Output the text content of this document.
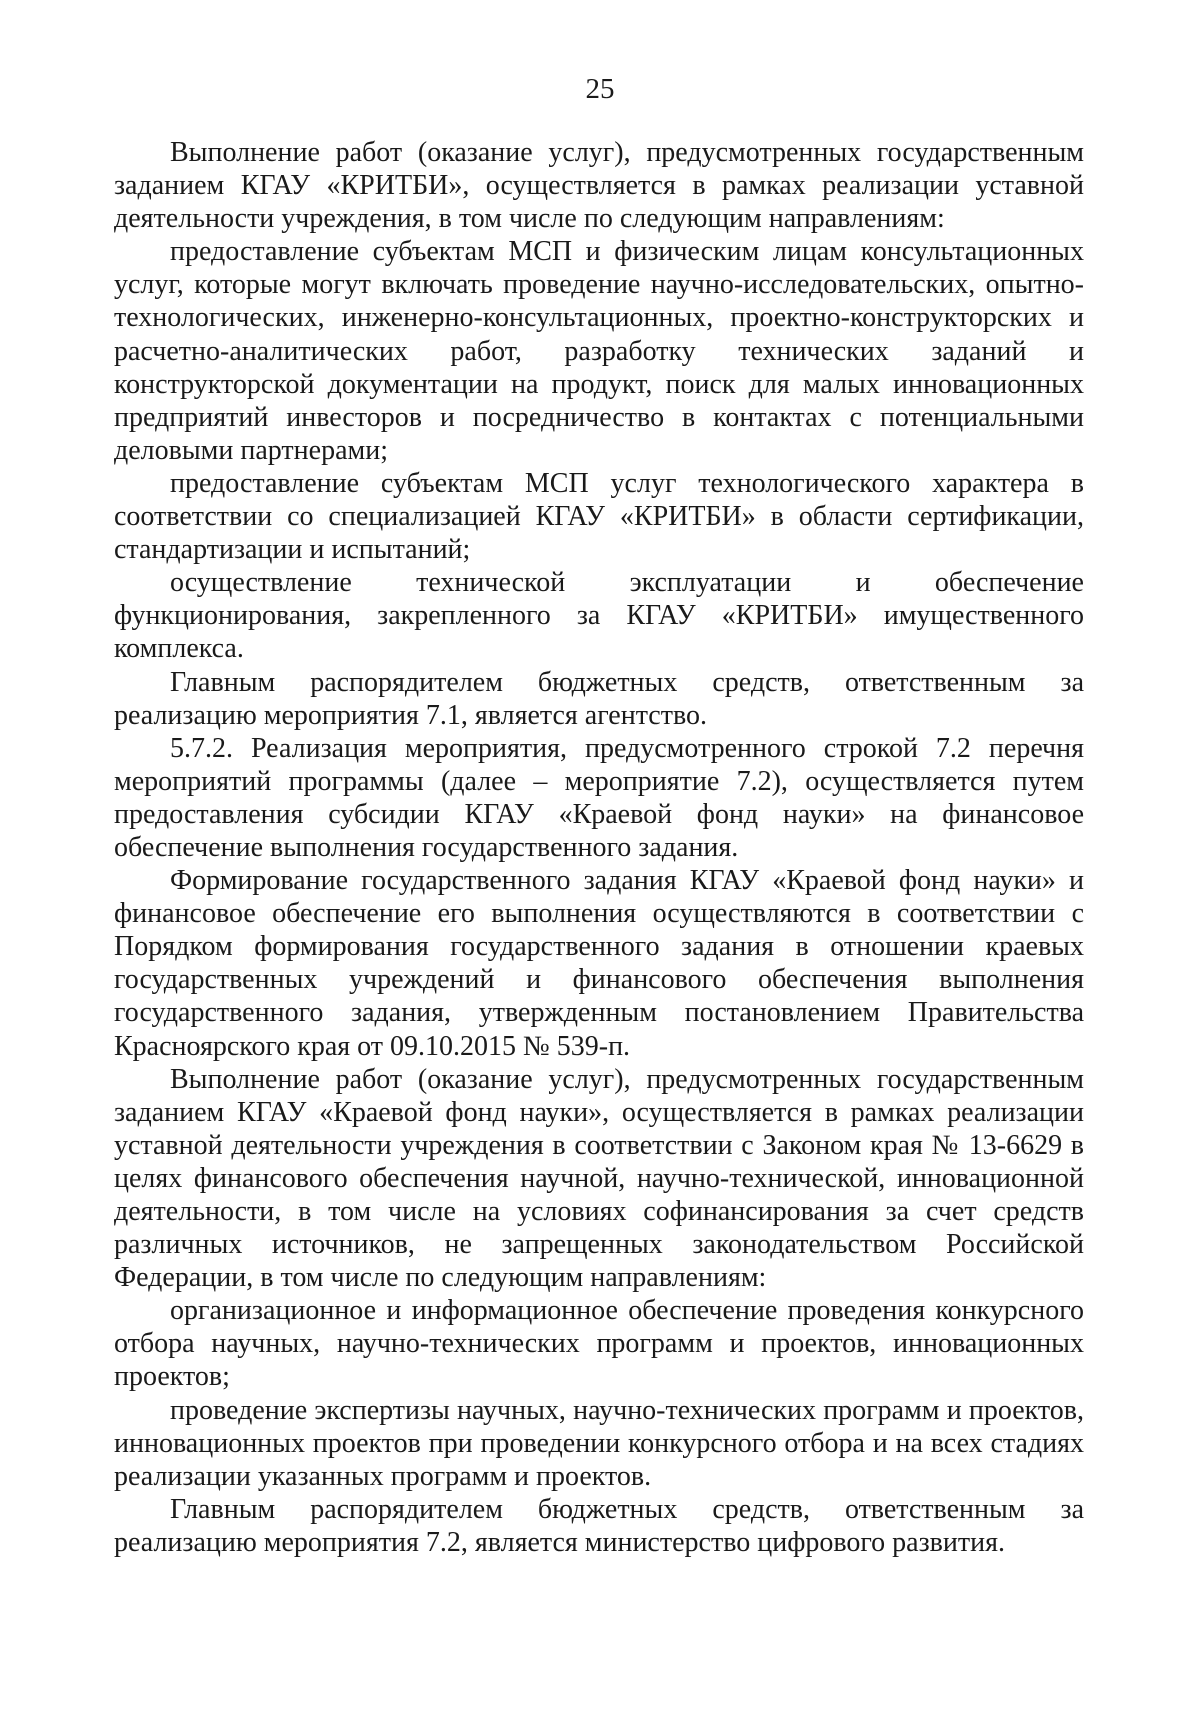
25

Выполнение работ (оказание услуг), предусмотренных государственным заданием КГАУ «КРИТБИ», осуществляется в рамках реализации уставной деятельности учреждения, в том числе по следующим направлениям:

предоставление субъектам МСП и физическим лицам консультационных услуг, которые могут включать проведение научно-исследовательских, опытно-технологических, инженерно-консультационных, проектно-конструкторских и расчетно-аналитических работ, разработку технических заданий и конструкторской документации на продукт, поиск для малых инновационных предприятий инвесторов и посредничество в контактах с потенциальными деловыми партнерами;

предоставление субъектам МСП услуг технологического характера в соответствии со специализацией КГАУ «КРИТБИ» в области сертификации, стандартизации и испытаний;

осуществление технической эксплуатации и обеспечение функционирования, закрепленного за КГАУ «КРИТБИ» имущественного комплекса.

Главным распорядителем бюджетных средств, ответственным за реализацию мероприятия 7.1, является агентство.

5.7.2. Реализация мероприятия, предусмотренного строкой 7.2 перечня мероприятий программы (далее – мероприятие 7.2), осуществляется путем предоставления субсидии КГАУ «Краевой фонд науки» на финансовое обеспечение выполнения государственного задания.

Формирование государственного задания КГАУ «Краевой фонд науки» и финансовое обеспечение его выполнения осуществляются в соответствии с Порядком формирования государственного задания в отношении краевых государственных учреждений и финансового обеспечения выполнения государственного задания, утвержденным постановлением Правительства Красноярского края от 09.10.2015 № 539-п.

Выполнение работ (оказание услуг), предусмотренных государственным заданием КГАУ «Краевой фонд науки», осуществляется в рамках реализации уставной деятельности учреждения в соответствии с Законом края № 13-6629 в целях финансового обеспечения научной, научно-технической, инновационной деятельности, в том числе на условиях софинансирования за счет средств различных источников, не запрещенных законодательством Российской Федерации, в том числе по следующим направлениям:

организационное и информационное обеспечение проведения конкурсного отбора научных, научно-технических программ и проектов, инновационных проектов;

проведение экспертизы научных, научно-технических программ и проектов, инновационных проектов при проведении конкурсного отбора и на всех стадиях реализации указанных программ и проектов.

Главным распорядителем бюджетных средств, ответственным за реализацию мероприятия 7.2, является министерство цифрового развития.
